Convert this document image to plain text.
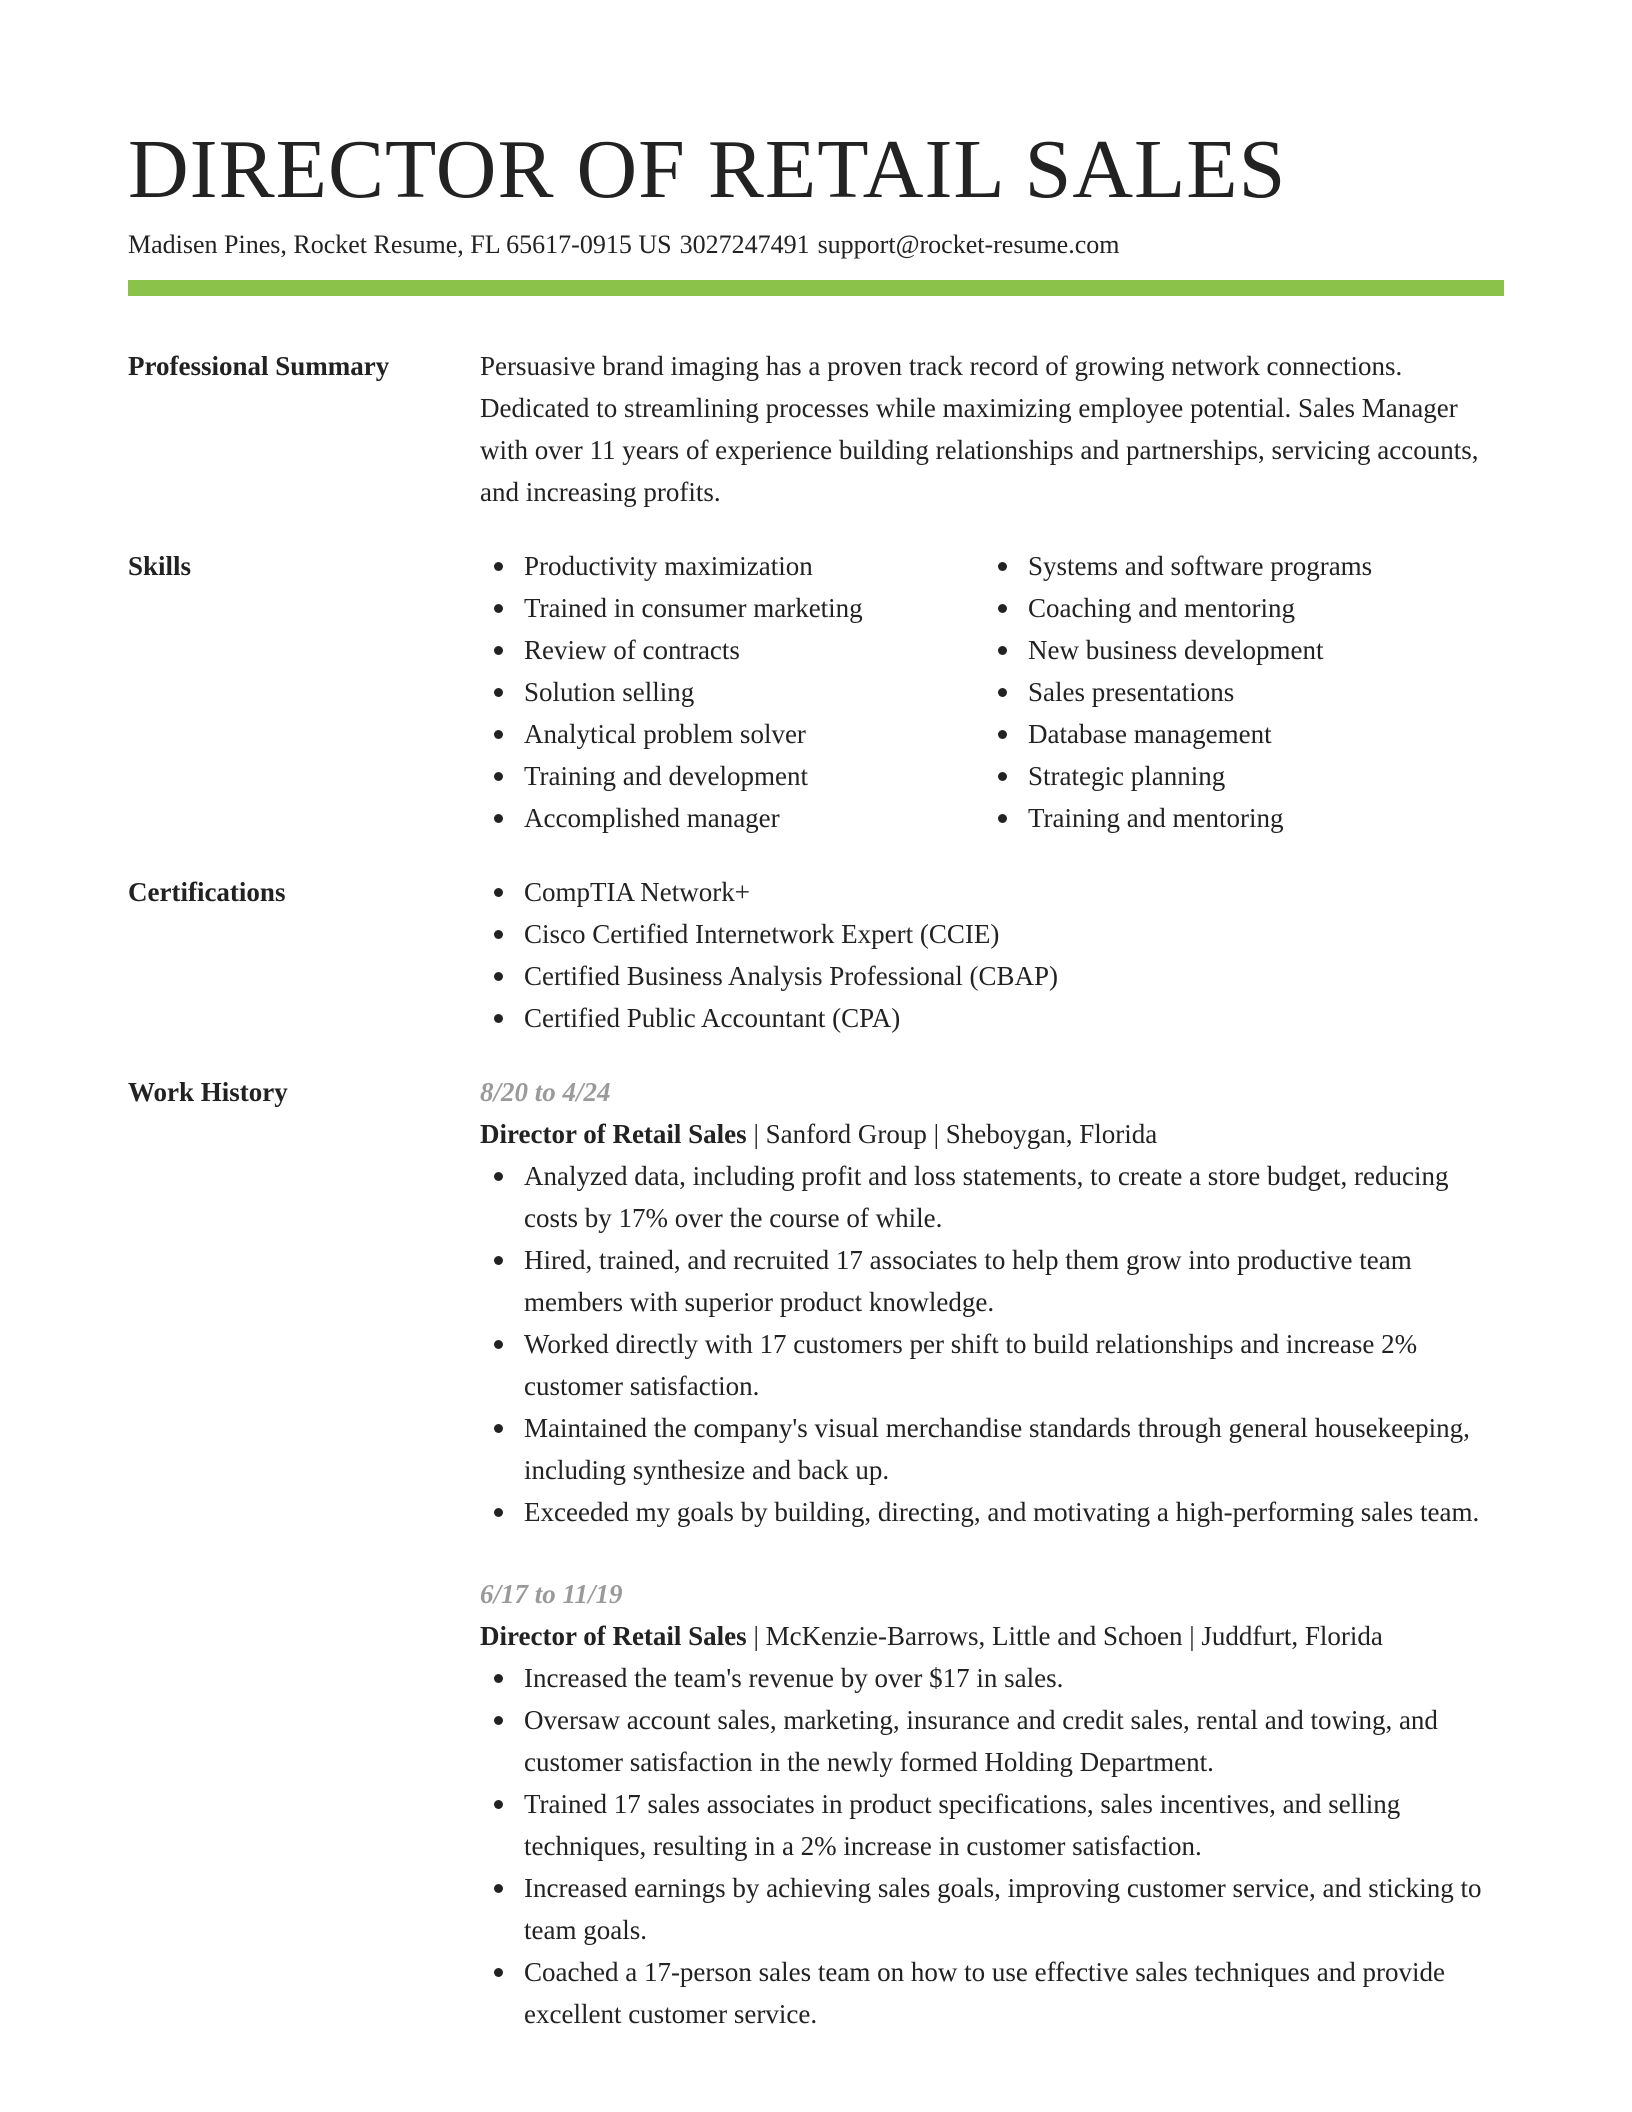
DIRECTOR OF RETAIL SALES
Madisen Pines, Rocket Resume, FL 65617-0915 US 3027247491 support@rocket-resume.com
Professional Summary	Persuasive brand imaging has a proven track record of growing network connections. Dedicated to streamlining processes while maximizing employee potential. Sales Manager with over 11 years of experience building relationships and partnerships, servicing accounts, and increasing profits.
Skills	Productivity maximization
Trained in consumer marketing
Review of contracts
Solution selling
Analytical problem solver
Training and development
Accomplished manager
Systems and software programs
Coaching and mentoring
New business development
Sales presentations
Database management
Strategic planning
Training and mentoring
Certifications	CompTIA Network+
Cisco Certified Internetwork Expert (CCIE)
Certified Business Analysis Professional (CBAP)
Certified Public Accountant (CPA)
Work History	8/20 to 4/24
Director of Retail Sales | Sanford Group | Sheboygan, Florida
Analyzed data, including profit and loss statements, to create a store budget, reducing costs by 17% over the course of while.
Hired, trained, and recruited 17 associates to help them grow into productive team members with superior product knowledge.
Worked directly with 17 customers per shift to build relationships and increase 2% customer satisfaction.
Maintained the company's visual merchandise standards through general housekeeping, including synthesize and back up.
Exceeded my goals by building, directing, and motivating a high-performing sales team.
6/17 to 11/19
Director of Retail Sales | McKenzie-Barrows, Little and Schoen | Juddfurt, Florida
Increased the team's revenue by over $17 in sales.
Oversaw account sales, marketing, insurance and credit sales, rental and towing, and customer satisfaction in the newly formed Holding Department.
Trained 17 sales associates in product specifications, sales incentives, and selling techniques, resulting in a 2% increase in customer satisfaction.
Increased earnings by achieving sales goals, improving customer service, and sticking to team goals.
Coached a 17-person sales team on how to use effective sales techniques and provide excellent customer service.
